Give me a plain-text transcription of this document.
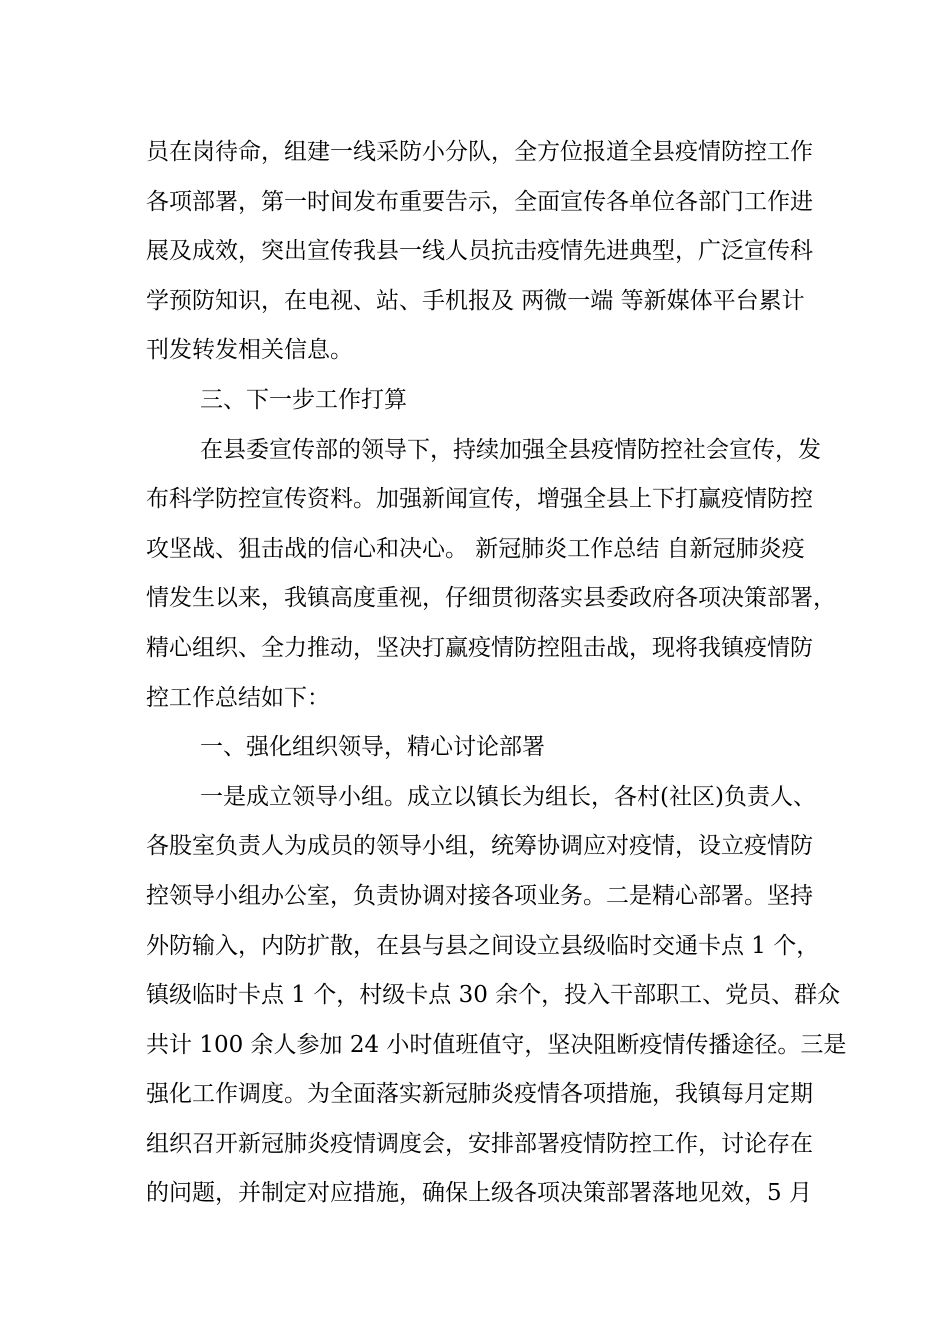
员在岗待命，组建一线采防小分队，全方位报道全县疫情防控工作
各项部署，第一时间发布重要告示，全面宣传各单位各部门工作进
展及成效，突出宣传我县一线人员抗击疫情先进典型，广泛宣传科
学预防知识，在电视、站、手机报及 两微一端 等新媒体平台累计
刊发转发相关信息。
三、下一步工作打算
在县委宣传部的领导下，持续加强全县疫情防控社会宣传，发
布科学防控宣传资料。加强新闻宣传，增强全县上下打赢疫情防控
攻坚战、狙击战的信心和决心。 新冠肺炎工作总结 自新冠肺炎疫
情发生以来，我镇高度重视，仔细贯彻落实县委政府各项决策部署，
精心组织、全力推动，坚决打赢疫情防控阻击战，现将我镇疫情防
控工作总结如下：
一、强化组织领导，精心讨论部署
一是成立领导小组。成立以镇长为组长，各村(社区)负责人、
各股室负责人为成员的领导小组，统筹协调应对疫情，设立疫情防
控领导小组办公室，负责协调对接各项业务。二是精心部署。坚持
外防输入，内防扩散，在县与县之间设立县级临时交通卡点 1 个，
镇级临时卡点 1 个，村级卡点 30 余个，投入干部职工、党员、群众
共计 100 余人参加 24 小时值班值守，坚决阻断疫情传播途径。三是
强化工作调度。为全面落实新冠肺炎疫情各项措施，我镇每月定期
组织召开新冠肺炎疫情调度会，安排部署疫情防控工作，讨论存在
的问题，并制定对应措施，确保上级各项决策部署落地见效，5 月
